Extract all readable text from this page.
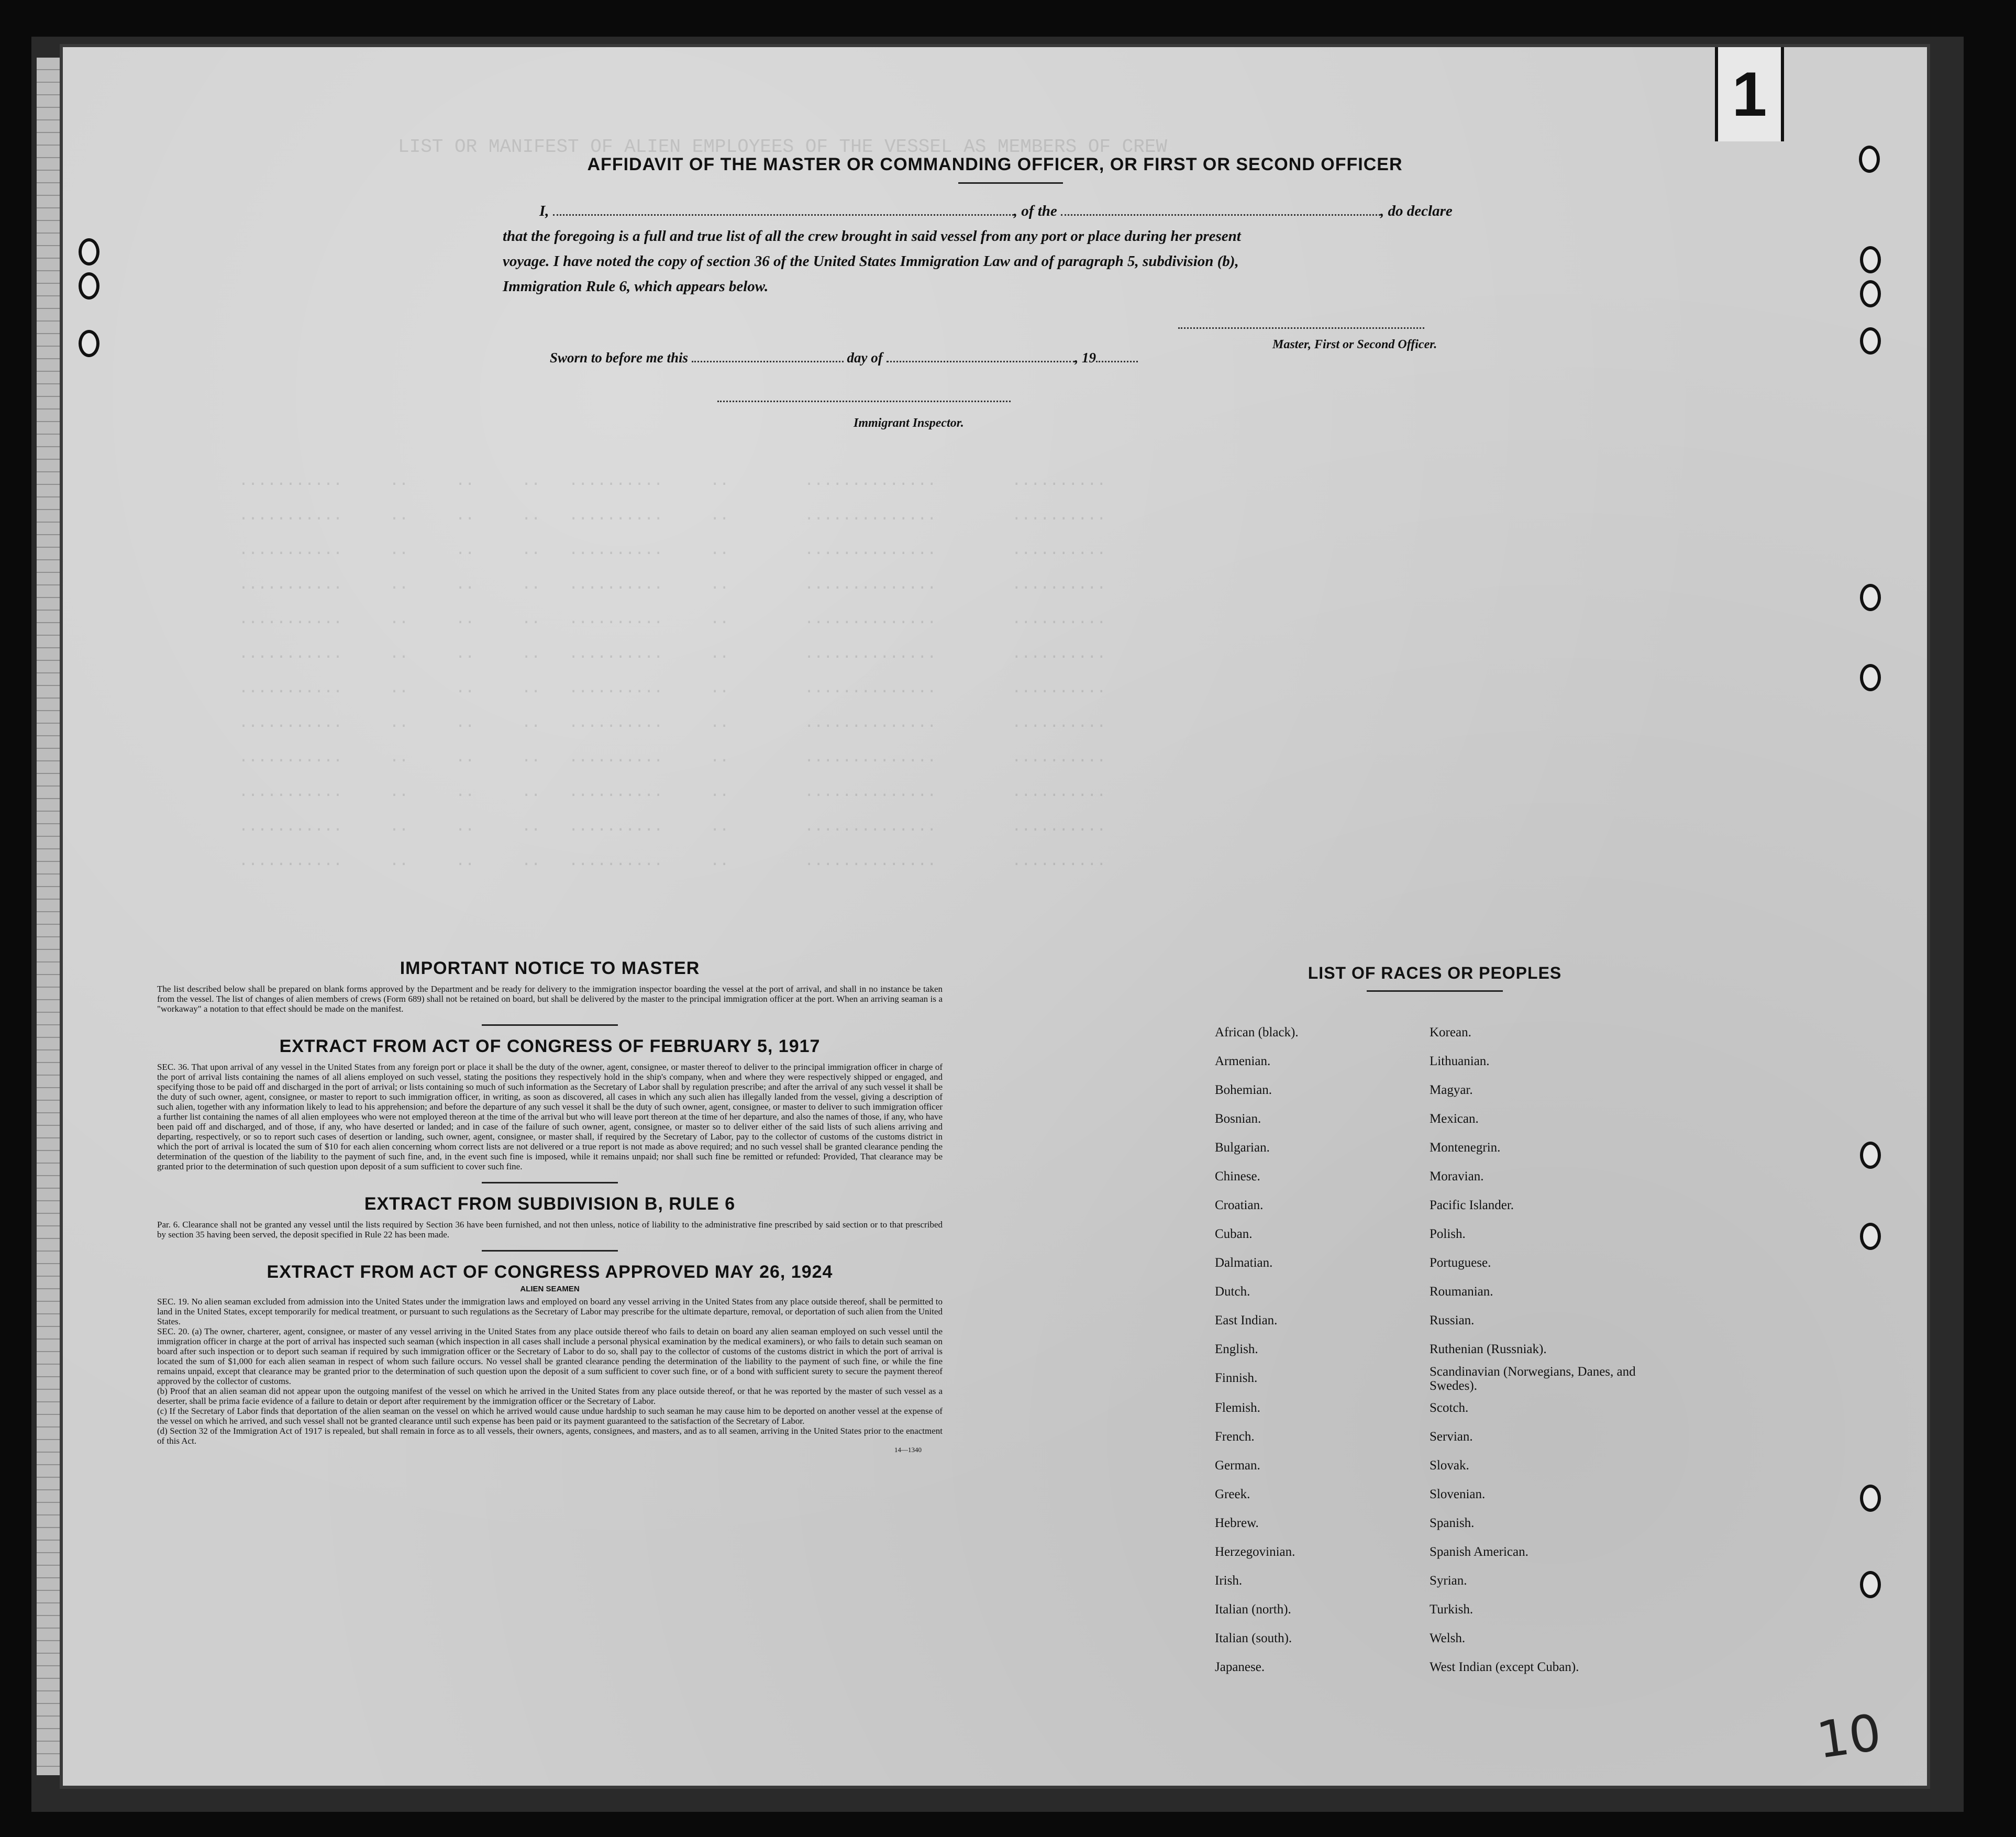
LIST OR MANIFEST OF ALIEN EMPLOYEES OF THE VESSEL AS MEMBERS OF CREW

...........     ..     ..     ..   ..........     ..        ..............        ..........
...........     ..     ..     ..   ..........     ..        ..............        ..........
...........     ..     ..     ..   ..........     ..        ..............        ..........
...........     ..     ..     ..   ..........     ..        ..............        ..........
...........     ..     ..     ..   ..........     ..        ..............        ..........
...........     ..     ..     ..   ..........     ..        ..............        ..........
...........     ..     ..     ..   ..........     ..        ..............        ..........
...........     ..     ..     ..   ..........     ..        ..............        ..........
...........     ..     ..     ..   ..........     ..        ..............        ..........
...........     ..     ..     ..   ..........     ..        ..............        ..........
...........     ..     ..     ..   ..........     ..        ..............        ..........
...........     ..     ..     ..   ..........     ..        ..............        ..........

1
AFFIDAVIT OF THE MASTER OR COMMANDING OFFICER, OR FIRST OR SECOND OFFICER
I,	, of the	, do declare
that the foregoing is a full and true list of all the crew brought in said vessel from any port or place during her present
voyage. I have noted the copy of section 36 of the United States Immigration Law and of paragraph 5, subdivision (b),
Immigration Rule 6, which appears below.
Master, First or Second Officer.
Sworn to before me this	day of	, 19
Immigrant Inspector.
IMPORTANT NOTICE TO MASTER

The list described below shall be prepared on blank forms approved by the Department and be ready for delivery to the immigration inspector boarding the vessel at the port of arrival, and shall in no instance be taken from the vessel. The list of changes of alien members of crews (Form 689) shall not be retained on board, but shall be delivered by the master to the principal immigration officer at the port. When an arriving seaman is a "workaway" a notation to that effect should be made on the manifest.

EXTRACT FROM ACT OF CONGRESS OF FEBRUARY 5, 1917

SEC. 36. That upon arrival of any vessel in the United States from any foreign port or place it shall be the duty of the owner, agent, consignee, or master thereof to deliver to the principal immigration officer in charge of the port of arrival lists containing the names of all aliens employed on such vessel, stating the positions they respectively hold in the ship's company, when and where they were respectively shipped or engaged, and specifying those to be paid off and discharged in the port of arrival; or lists containing so much of such information as the Secretary of Labor shall by regulation prescribe; and after the arrival of any such vessel it shall be the duty of such owner, agent, consignee, or master to report to such immigration officer, in writing, as soon as discovered, all cases in which any such alien has illegally landed from the vessel, giving a description of such alien, together with any information likely to lead to his apprehension; and before the departure of any such vessel it shall be the duty of such owner, agent, consignee, or master to deliver to such immigration officer a further list containing the names of all alien employees who were not employed thereon at the time of the arrival but who will leave port thereon at the time of her departure, and also the names of those, if any, who have been paid off and discharged, and of those, if any, who have deserted or landed; and in case of the failure of such owner, agent, consignee, or master so to deliver either of the said lists of such aliens arriving and departing, respectively, or so to report such cases of desertion or landing, such owner, agent, consignee, or master shall, if required by the Secretary of Labor, pay to the collector of customs of the customs district in which the port of arrival is located the sum of $10 for each alien concerning whom correct lists are not delivered or a true report is not made as above required; and no such vessel shall be granted clearance pending the determination of the question of the liability to the payment of such fine, and, in the event such fine is imposed, while it remains unpaid; nor shall such fine be remitted or refunded: Provided, That clearance may be granted prior to the determination of such question upon deposit of a sum sufficient to cover such fine.

EXTRACT FROM SUBDIVISION B, RULE 6

Par. 6. Clearance shall not be granted any vessel until the lists required by Section 36 have been furnished, and not then unless, notice of liability to the administrative fine prescribed by said section or to that prescribed by section 35 having been served, the deposit specified in Rule 22 has been made.

EXTRACT FROM ACT OF CONGRESS APPROVED MAY 26, 1924
ALIEN SEAMEN

SEC. 19. No alien seaman excluded from admission into the United States under the immigration laws and employed on board any vessel arriving in the United States from any place outside thereof, shall be permitted to land in the United States, except temporarily for medical treatment, or pursuant to such regulations as the Secretary of Labor may prescribe for the ultimate departure, removal, or deportation of such alien from the United States.

SEC. 20. (a) The owner, charterer, agent, consignee, or master of any vessel arriving in the United States from any place outside thereof who fails to detain on board any alien seaman employed on such vessel until the immigration officer in charge at the port of arrival has inspected such seaman (which inspection in all cases shall include a personal physical examination by the medical examiners), or who fails to detain such seaman on board after such inspection or to deport such seaman if required by such immigration officer or the Secretary of Labor to do so, shall pay to the collector of customs of the customs district in which the port of arrival is located the sum of $1,000 for each alien seaman in respect of whom such failure occurs. No vessel shall be granted clearance pending the determination of the liability to the payment of such fine, or while the fine remains unpaid, except that clearance may be granted prior to the determination of such question upon the deposit of a sum sufficient to cover such fine, or of a bond with sufficient surety to secure the payment thereof approved by the collector of customs.

(b) Proof that an alien seaman did not appear upon the outgoing manifest of the vessel on which he arrived in the United States from any place outside thereof, or that he was reported by the master of such vessel as a deserter, shall be prima facie evidence of a failure to detain or deport after requirement by the immigration officer or the Secretary of Labor.

(c) If the Secretary of Labor finds that deportation of the alien seaman on the vessel on which he arrived would cause undue hardship to such seaman he may cause him to be deported on another vessel at the expense of the vessel on which he arrived, and such vessel shall not be granted clearance until such expense has been paid or its payment guaranteed to the satisfaction of the Secretary of Labor.

(d) Section 32 of the Immigration Act of 1917 is repealed, but shall remain in force as to all vessels, their owners, agents, consignees, and masters, and as to all seamen, arriving in the United States prior to the enactment of this Act.

14—1340
LIST OF RACES OR PEOPLES
African (black).	Korean.
Armenian.	Lithuanian.
Bohemian.	Magyar.
Bosnian.	Mexican.
Bulgarian.	Montenegrin.
Chinese.	Moravian.
Croatian.	Pacific Islander.
Cuban.	Polish.
Dalmatian.	Portuguese.
Dutch.	Roumanian.
East Indian.	Russian.
English.	Ruthenian (Russniak).
Finnish.	Scandinavian (Norwegians, Danes, and Swedes).
Flemish.	Scotch.
French.	Servian.
German.	Slovak.
Greek.	Slovenian.
Hebrew.	Spanish.
Herzegovinian.	Spanish American.
Irish.	Syrian.
Italian (north).	Turkish.
Italian (south).	Welsh.
Japanese.	West Indian (except Cuban).
10
